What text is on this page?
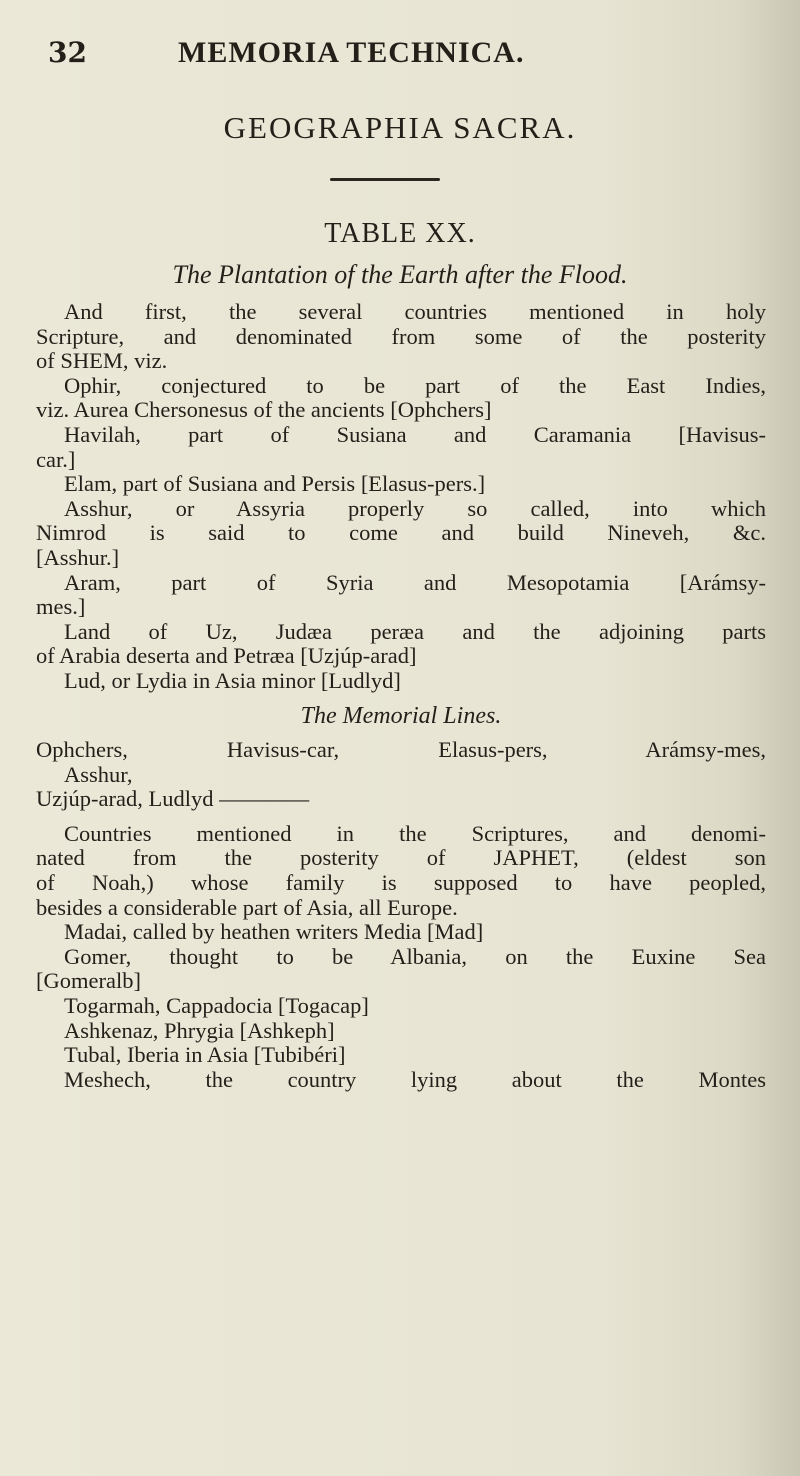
32	MEMORIA TECHNICA.
GEOGRAPHIA SACRA.
TABLE XX.
The Plantation of the Earth after the Flood.
And first, the several countries mentioned in holy
Scripture, and denominated from some of the posterity
of SHEM, viz.
Ophir, conjectured to be part of the East Indies,
viz. Aurea Chersonesus of the ancients [Ophchers]
Havilah, part of Susiana and Caramania [Havisus-
car.]
Elam, part of Susiana and Persis [Elasus-pers.]
Asshur, or Assyria properly so called, into which
Nimrod is said to come and build Nineveh, &c.
[Asshur.]
Aram, part of Syria and Mesopotamia [Arámsy-
mes.]
Land of Uz, Judæa peræa and the adjoining parts
of Arabia deserta and Petræa [Uzjúp-arad]
Lud, or Lydia in Asia minor [Ludlyd]
The Memorial Lines.
Ophchers, Havisus-car, Elasus-pers, Arámsy-mes,
Asshur,
Uzjúp-arad, Ludlyd ————
Countries mentioned in the Scriptures, and denomi-
nated from the posterity of JAPHET, (eldest son
of Noah,) whose family is supposed to have peopled,
besides a considerable part of Asia, all Europe.
Madai, called by heathen writers Media [Mad]
Gomer, thought to be Albania, on the Euxine Sea
[Gomeralb]
Togarmah, Cappadocia [Togacap]
Ashkenaz, Phrygia [Ashkeph]
Tubal, Iberia in Asia [Tubibéri]
Meshech, the country lying about the Montes
